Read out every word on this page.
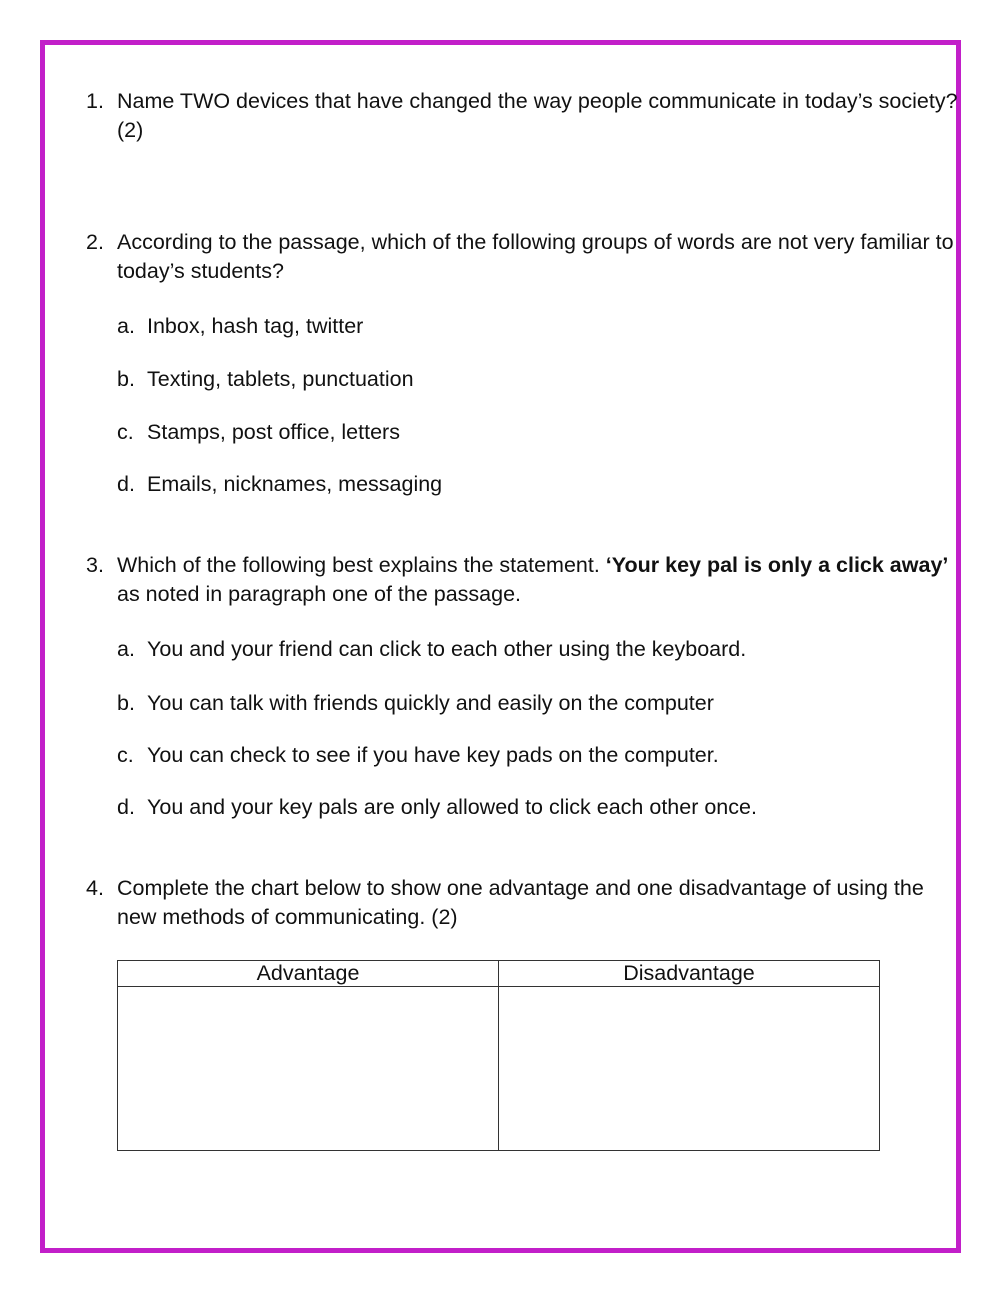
1. Name TWO devices that have changed the way people communicate in today’s society? (2)
2. According to the passage, which of the following groups of words are not very familiar to today’s students?
a. Inbox, hash tag, twitter
b. Texting, tablets, punctuation
c. Stamps, post office, letters
d. Emails, nicknames, messaging
3. Which of the following best explains the statement. ‘Your key pal is only a click away’ as noted in paragraph one of the passage.
a. You and your friend can click to each other using the keyboard.
b. You can talk with friends quickly and easily on the computer
c. You can check to see if you have key pads on the computer.
d. You and your key pals are only allowed to click each other once.
4. Complete the chart below to show one advantage and one disadvantage of using the new methods of communicating. (2)
Advantage	Disadvantage
